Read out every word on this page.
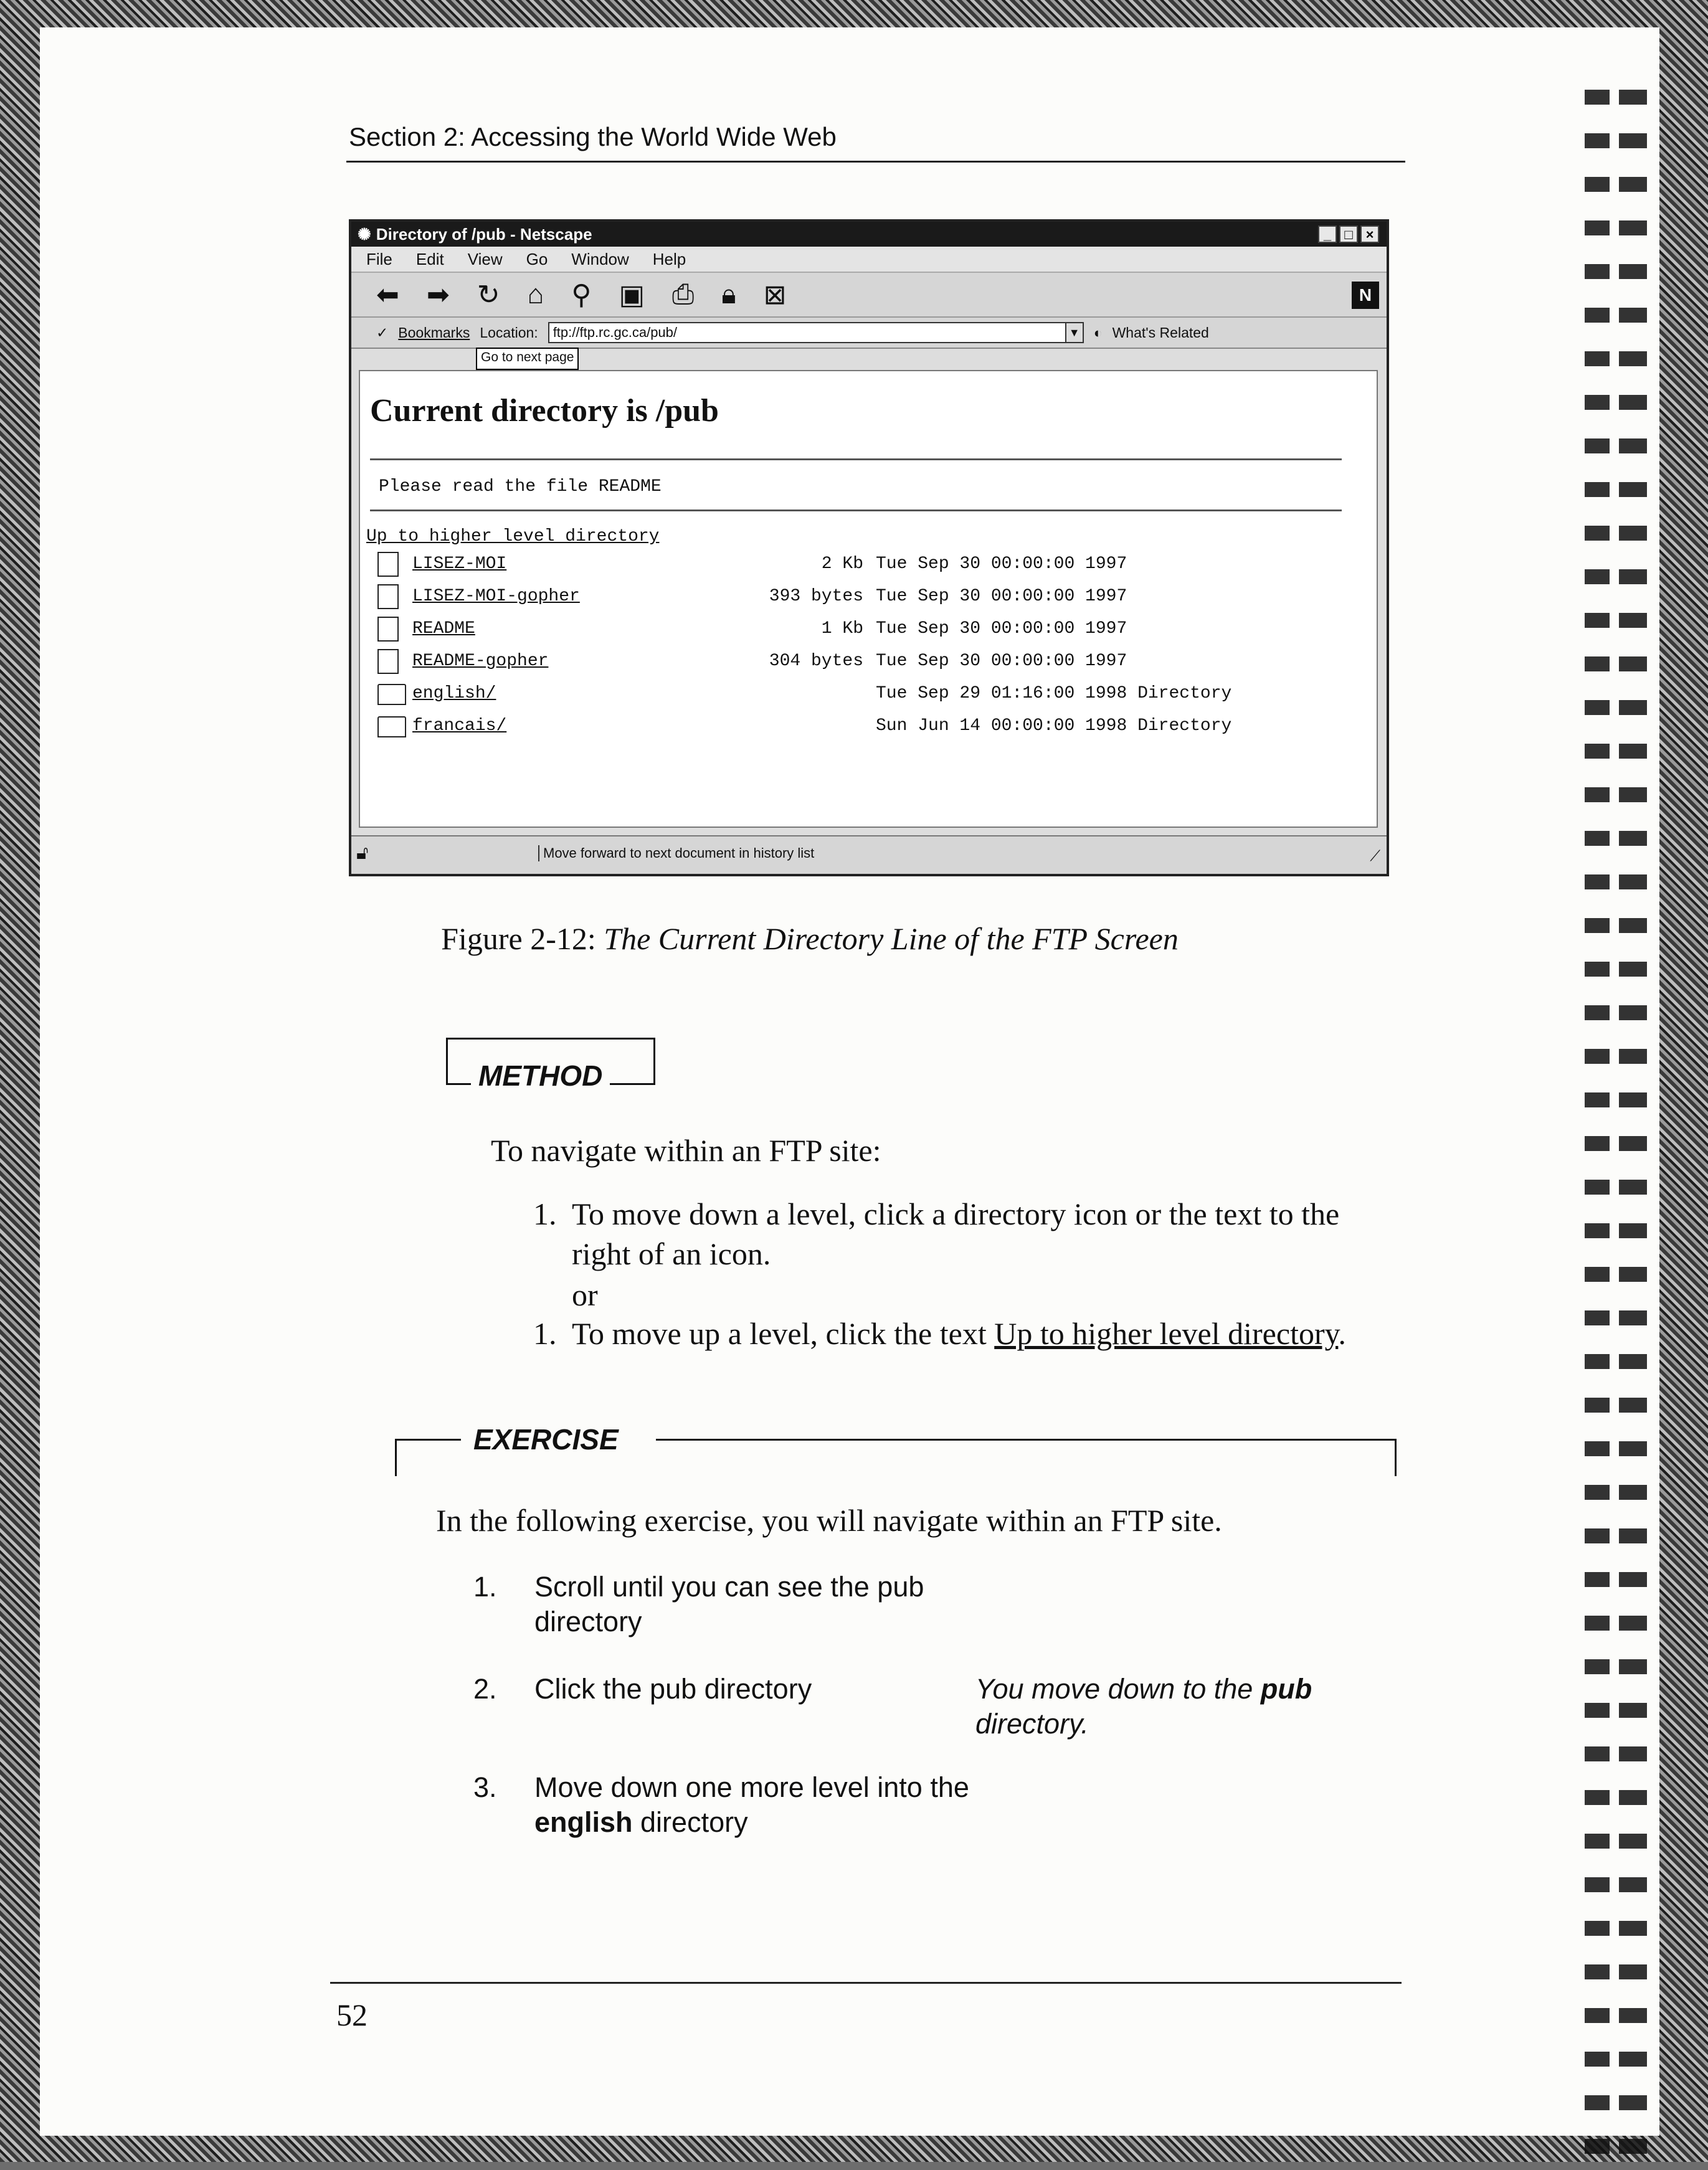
Section 2: Accessing the World Wide Web
✺ Directory of /pub - Netscape	_ □ ×
File Edit View Go Window Help
⬅ ➡ ↻ ⌂ ⚲ ▣ ⎙ 🔒︎ ⊠	N
✓ Bookmarks Location:	ftp://ftp.rc.gc.ca/pub/	▼ ◐ What's Related
Go to next page
Current directory is /pub
Please read the file README
Up to higher level directory
LISEZ-MOI	2 Kb Tue Sep 30 00:00:00 1997
LISEZ-MOI-gopher	393 bytes Tue Sep 30 00:00:00 1997
README	1 Kb Tue Sep 30 00:00:00 1997
README-gopher	304 bytes Tue Sep 30 00:00:00 1997
english/	Tue Sep 29 01:16:00 1998 Directory
francais/	Sun Jun 14 00:00:00 1998 Directory
🔓︎	Move forward to next document in history list	⟋
Figure 2-12: The Current Directory Line of the FTP Screen
METHOD
To navigate within an FTP site:
1. To move down a level, click a directory icon or the text to the
right of an icon.
or
1. To move up a level, click the text Up to higher level directory.
EXERCISE
In the following exercise, you will navigate within an FTP site.
1. Scroll until you can see the pub directory
2. Click the pub directory	You move down to the pub directory.
3. Move down one more level into the english directory
52
